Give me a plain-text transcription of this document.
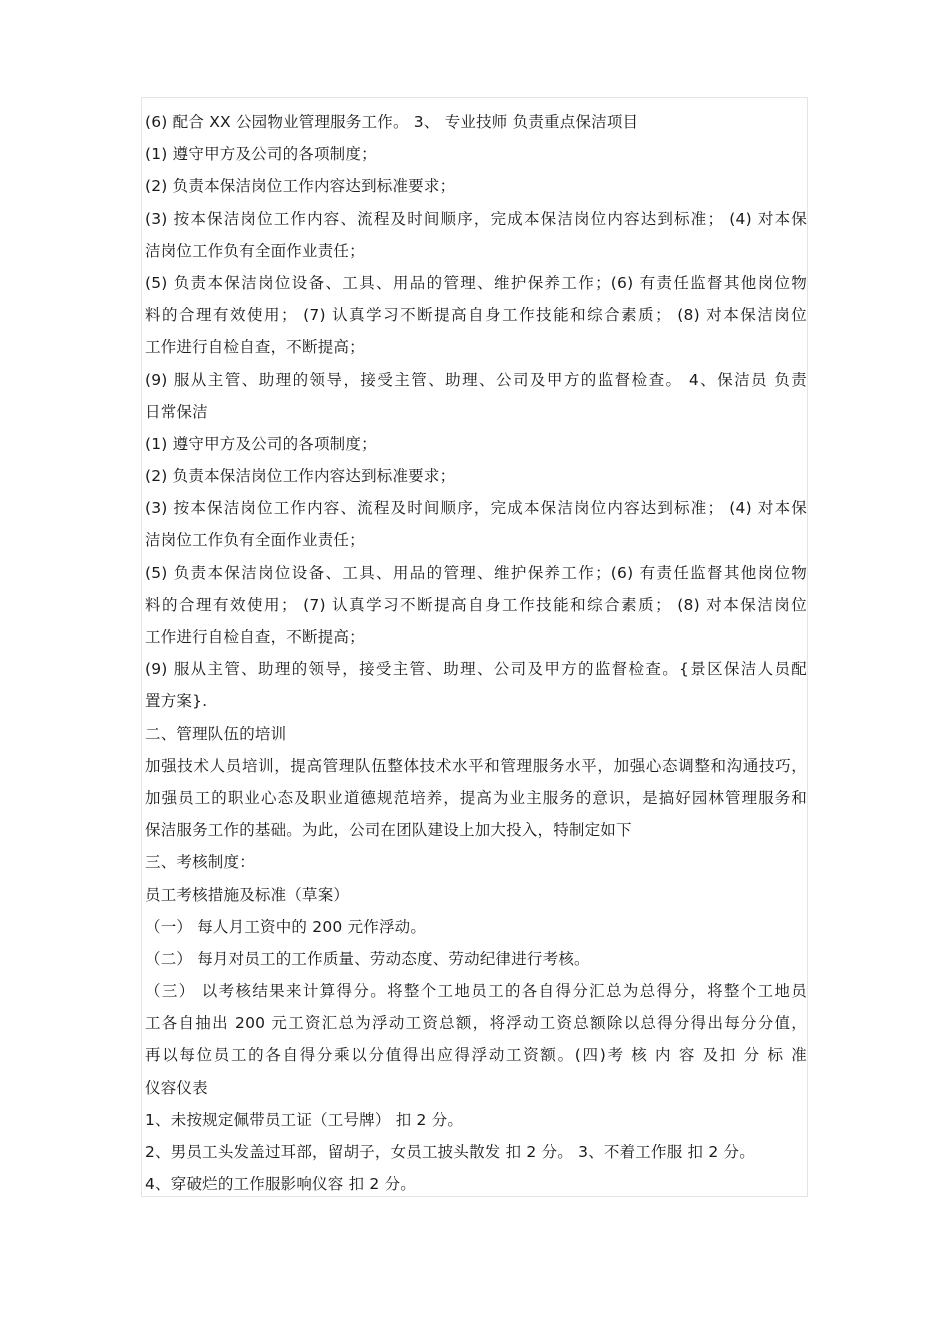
(6) 配合 XX 公园物业管理服务工作。 3、 专业技师 负责重点保洁项目
(1) 遵守甲方及公司的各项制度；
(2) 负责本保洁岗位工作内容达到标准要求；
(3) 按本保洁岗位工作内容、流程及时间顺序，完成本保洁岗位内容达到标准； (4) 对本保
洁岗位工作负有全面作业责任；
(5) 负责本保洁岗位设备、工具、用品的管理、维护保养工作；(6) 有责任监督其他岗位物
料的合理有效使用； (7) 认真学习不断提高自身工作技能和综合素质； (8) 对本保洁岗位
工作进行自检自查，不断提高；
(9) 服从主管、助理的领导，接受主管、助理、公司及甲方的监督检查。 4、保洁员 负责
日常保洁
(1) 遵守甲方及公司的各项制度；
(2) 负责本保洁岗位工作内容达到标准要求；
(3) 按本保洁岗位工作内容、流程及时间顺序，完成本保洁岗位内容达到标准； (4) 对本保
洁岗位工作负有全面作业责任；
(5) 负责本保洁岗位设备、工具、用品的管理、维护保养工作；(6) 有责任监督其他岗位物
料的合理有效使用； (7) 认真学习不断提高自身工作技能和综合素质； (8) 对本保洁岗位
工作进行自检自查，不断提高；
(9) 服从主管、助理的领导，接受主管、助理、公司及甲方的监督检查。{景区保洁人员配
置方案}.
二、管理队伍的培训
加强技术人员培训，提高管理队伍整体技术水平和管理服务水平，加强心态调整和沟通技巧，
加强员工的职业心态及职业道德规范培养，提高为业主服务的意识，是搞好园林管理服务和
保洁服务工作的基础。为此，公司在团队建设上加大投入，特制定如下
三、考核制度：
员工考核措施及标准（草案）
（一） 每人月工资中的 200 元作浮动。
（二） 每月对员工的工作质量、劳动态度、劳动纪律进行考核。
（三） 以考核结果来计算得分。将整个工地员工的各自得分汇总为总得分，将整个工地员
工各自抽出 200 元工资汇总为浮动工资总额，将浮动工资总额除以总得分得出每分分值，
再以每位员工的各自得分乘以分值得出应得浮动工资额。(四)考 核 内 容 及扣 分 标 准
仪容仪表
1、未按规定佩带员工证（工号牌） 扣 2 分。
2、男员工头发盖过耳部，留胡子，女员工披头散发 扣 2 分。 3、不着工作服 扣 2 分。
4、穿破烂的工作服影响仪容 扣 2 分。
